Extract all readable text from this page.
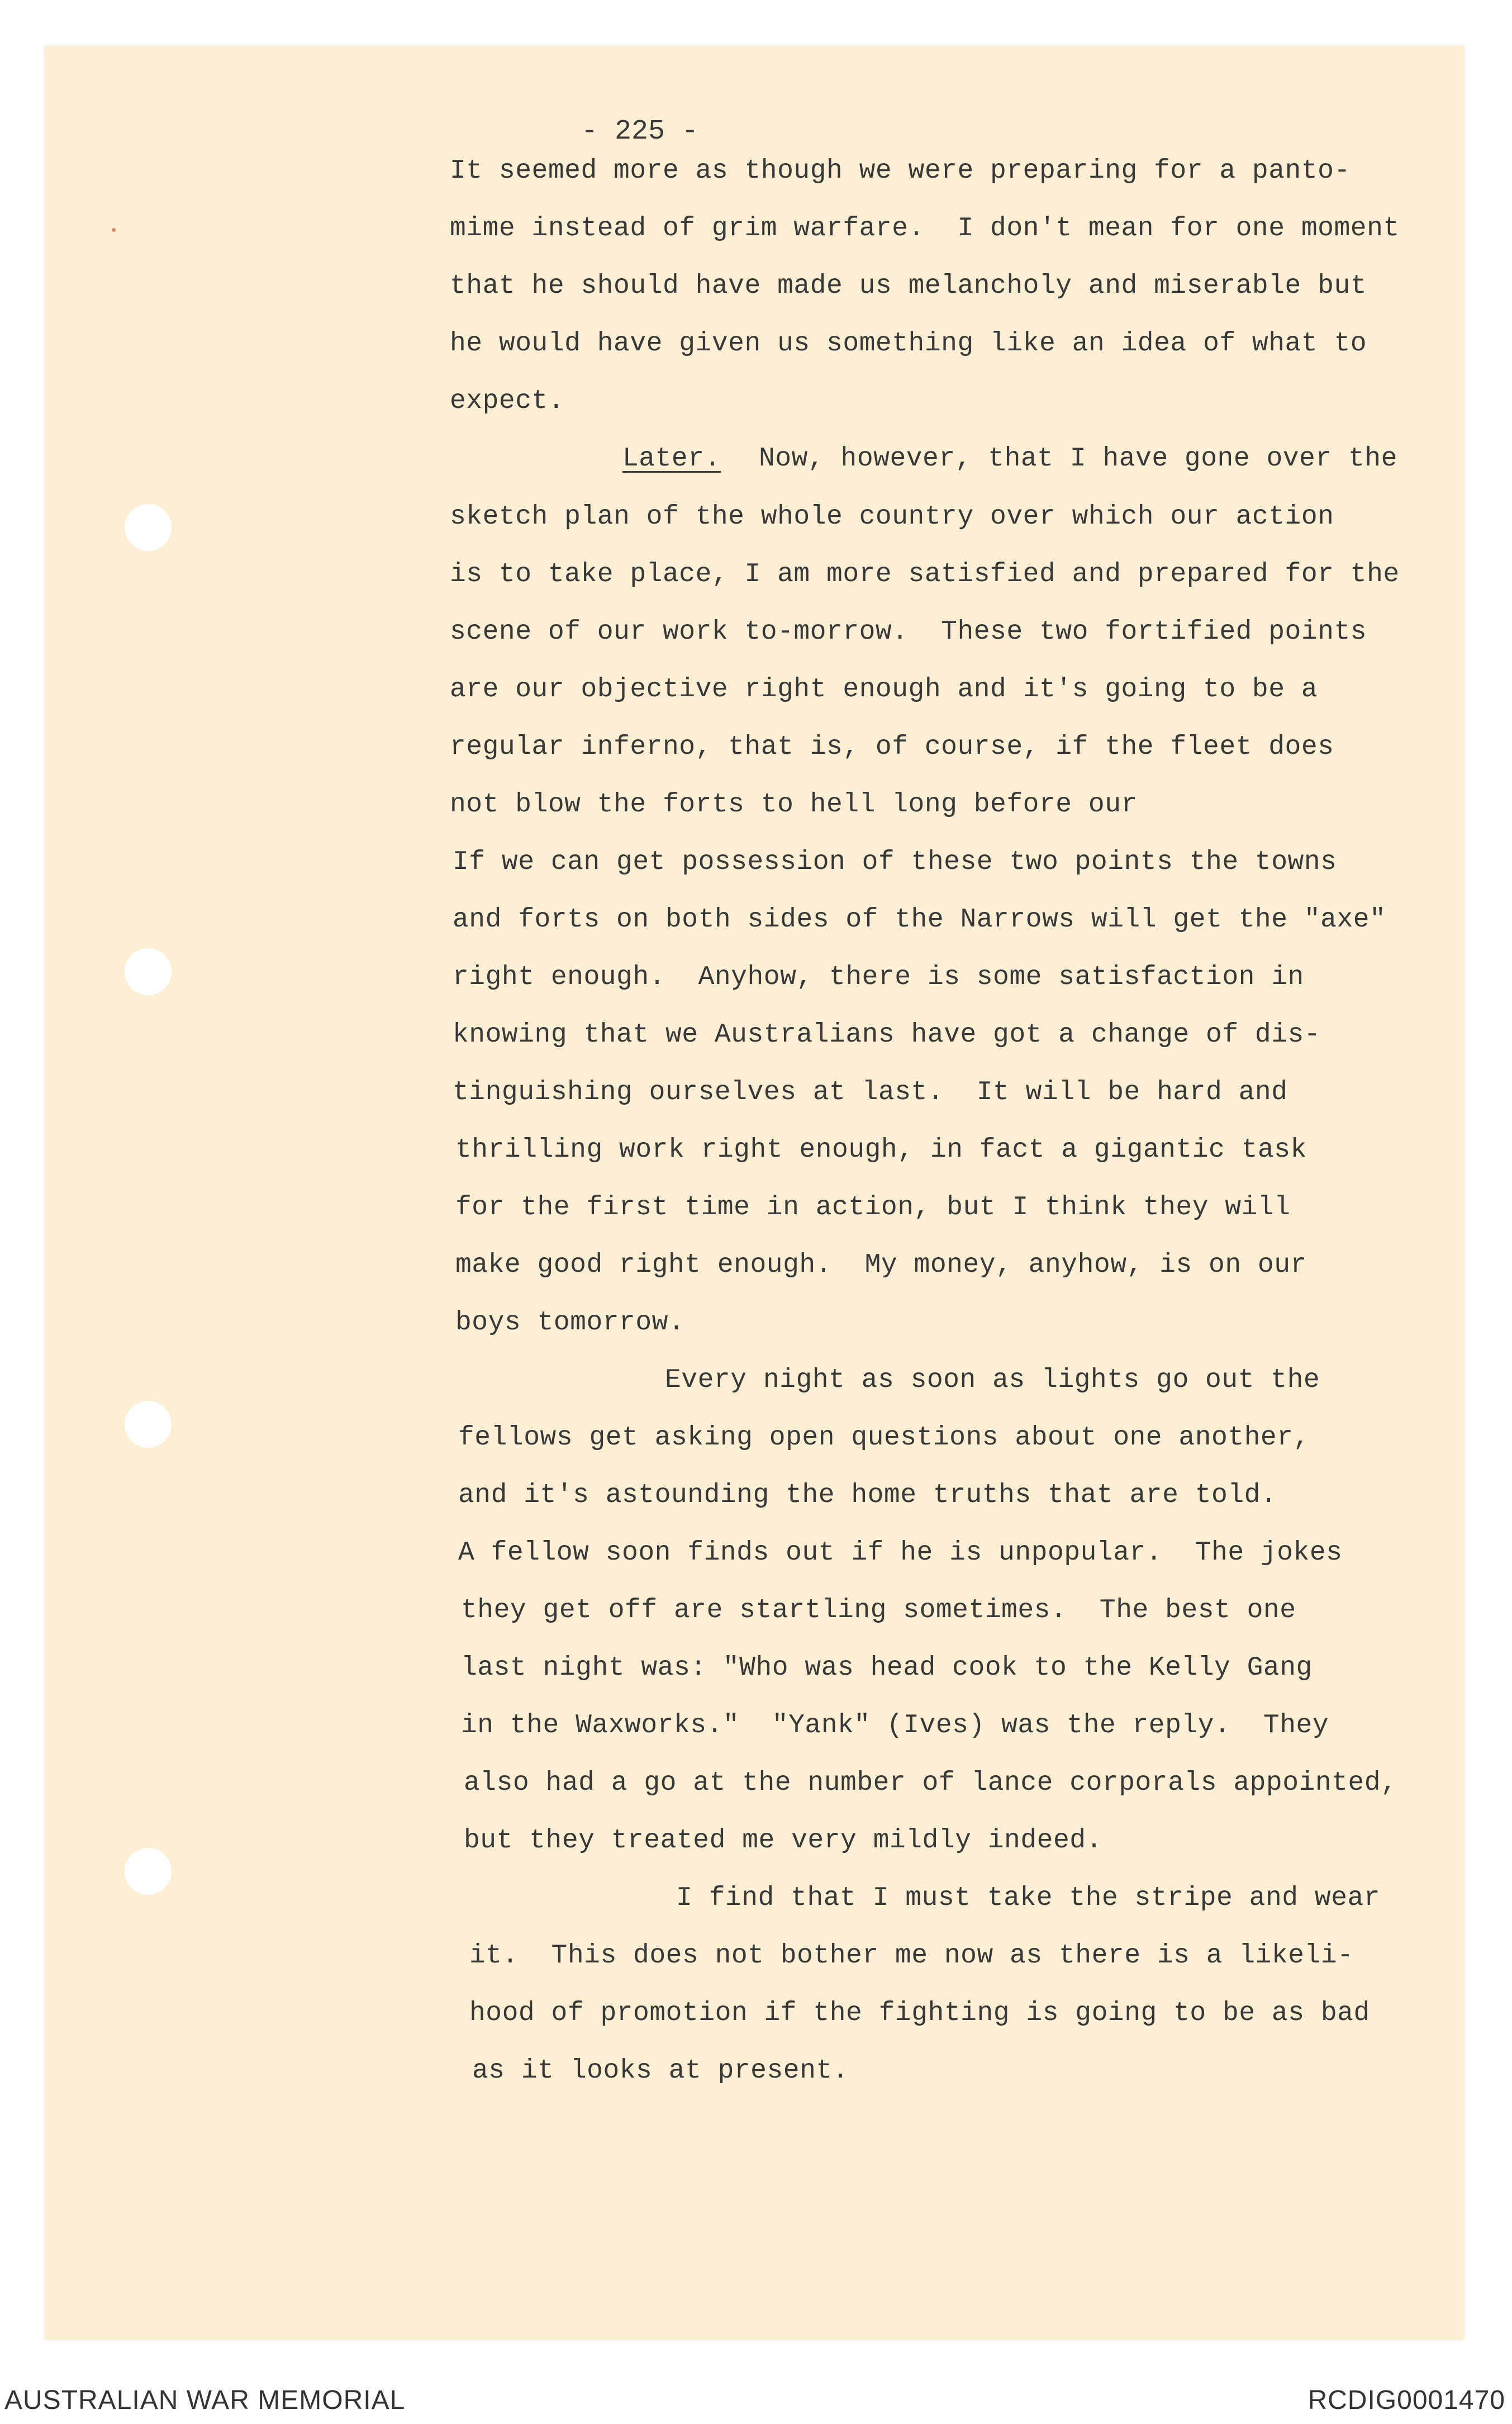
- 225 -
It seemed more as though we were preparing for a panto-
mime instead of grim warfare.  I don't mean for one moment
that he should have made us melancholy and miserable but
he would have given us something like an idea of what to
expect.
Later. Now, however, that I have gone over the
sketch plan of the whole country over which our action
is to take place, I am more satisfied and prepared for the
scene of our work to-morrow.  These two fortified points
are our objective right enough and it's going to be a
regular inferno, that is, of course, if the fleet does
not blow the forts to hell long before our
If we can get possession of these two points the towns
and forts on both sides of the Narrows will get the "axe"
right enough.  Anyhow, there is some satisfaction in
knowing that we Australians have got a change of dis-
tinguishing ourselves at last.  It will be hard and
thrilling work right enough, in fact a gigantic task
for the first time in action, but I think they will
make good right enough.  My money, anyhow, is on our
boys tomorrow.
Every night as soon as lights go out the
fellows get asking open questions about one another,
and it's astounding the home truths that are told.
A fellow soon finds out if he is unpopular.  The jokes
they get off are startling sometimes.  The best one
last night was: "Who was head cook to the Kelly Gang
in the Waxworks."  "Yank" (Ives) was the reply.  They
also had a go at the number of lance corporals appointed,
but they treated me very mildly indeed.
I find that I must take the stripe and wear
it.  This does not bother me now as there is a likeli-
hood of promotion if the fighting is going to be as bad
as it looks at present.
AUSTRALIAN WAR MEMORIAL	RCDIG0001470
